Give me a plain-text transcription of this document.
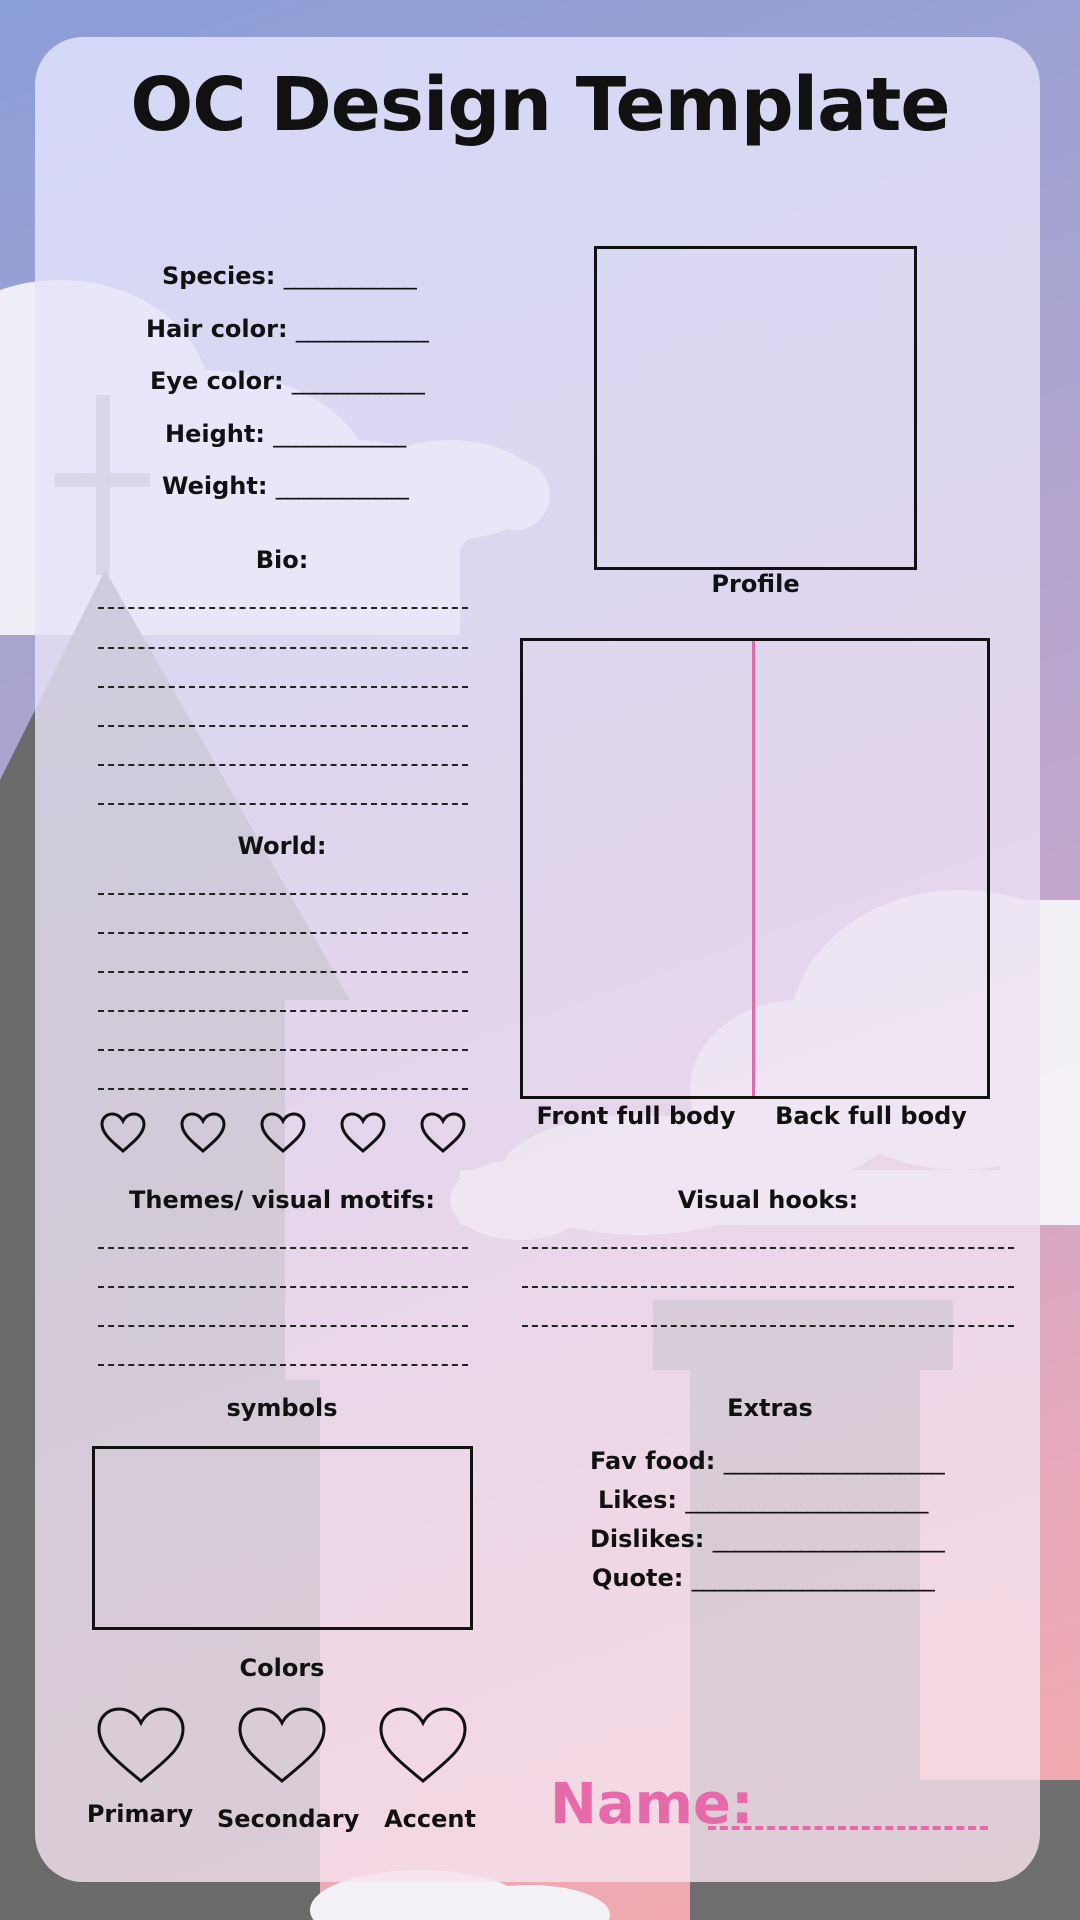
OC Design Template
Species: ____________
Hair color: ____________
Eye color: ____________
Height: ____________
Weight: ____________
Bio:
World:
Themes/ visual motifs:	Visual hooks:
Profile
Front full body	Back full body
symbols	Extras
Fav food: ____________________
Likes: ______________________
Dislikes: _____________________
Quote: ______________________
Colors
Primary Secondary	Accent	Name:
